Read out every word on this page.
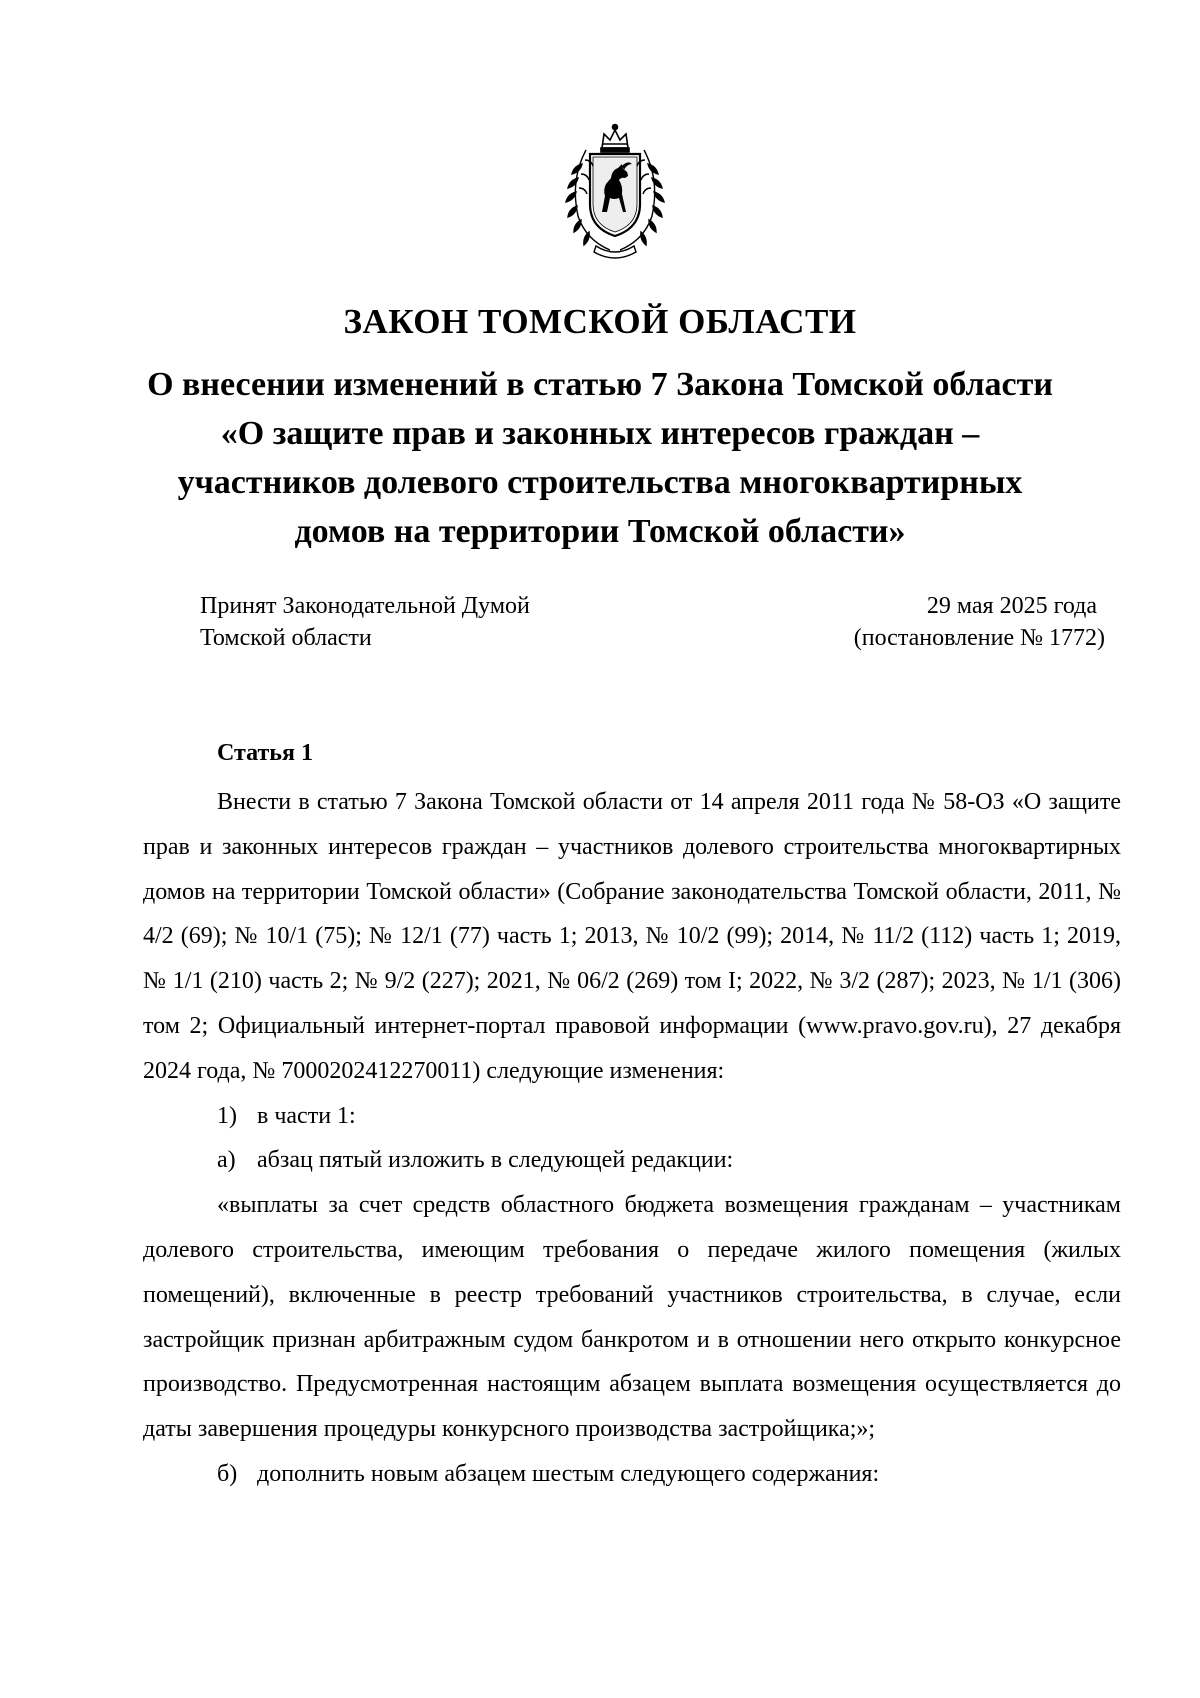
ЗАКОН ТОМСКОЙ ОБЛАСТИ
О внесении изменений в статью 7 Закона Томской области
«О защите прав и законных интересов граждан –
участников долевого строительства многоквартирных
домов на территории Томской области»
Принят Законодательной Думой
Томской области
29 мая 2025 года
(постановление № 1772)
Статья 1

Внести в статью 7 Закона Томской области от 14 апреля 2011 года № 58-ОЗ «О защите прав и законных интересов граждан – участников долевого строительства многоквартирных домов на территории Томской области» (Собрание законодательства Томской области, 2011, № 4/2 (69); № 10/1 (75); № 12/1 (77) часть 1; 2013, № 10/2 (99); 2014, № 11/2 (112) часть 1; 2019, № 1/1 (210) часть 2; № 9/2 (227); 2021, № 06/2 (269) том I; 2022, № 3/2 (287); 2023, № 1/1 (306) том 2; Официальный интернет-портал правовой информации (www.pravo.gov.ru), 27 декабря 2024 года, № 7000202412270011) следующие изменения:

1) в части 1:

а) абзац пятый изложить в следующей редакции:

«выплаты за счет средств областного бюджета возмещения гражданам – участникам долевого строительства, имеющим требования о передаче жилого помещения (жилых помещений), включенные в реестр требований участников строительства, в случае, если застройщик признан арбитражным судом банкротом и в отношении него открыто конкурсное производство. Предусмотренная настоящим абзацем выплата возмещения осуществляется до даты завершения процедуры конкурсного производства застройщика;»;

б) дополнить новым абзацем шестым следующего содержания:
